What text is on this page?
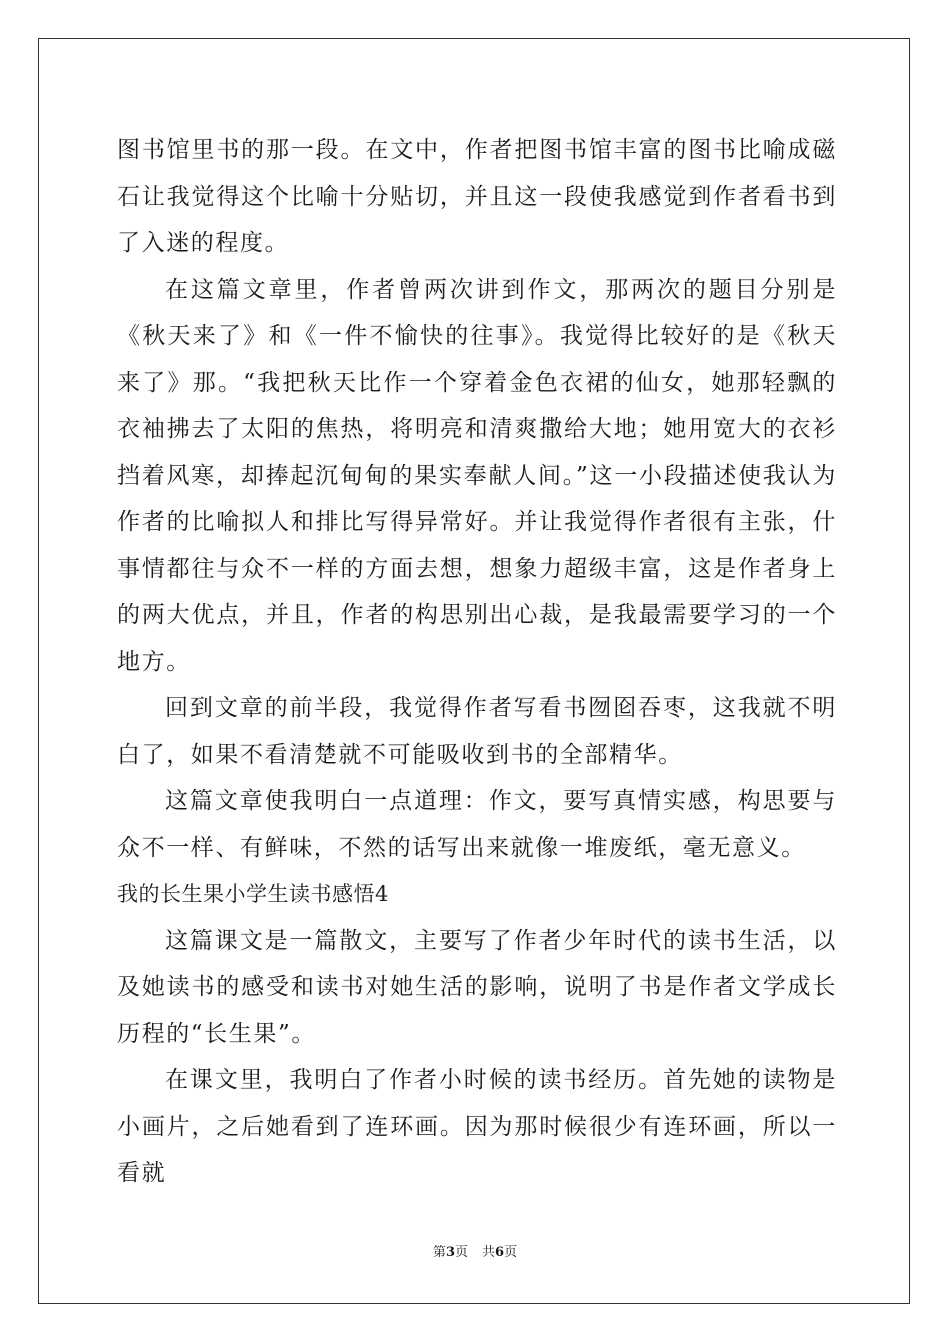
图书馆里书的那一段。在文中，作者把图书馆丰富的图书比喻成磁石让我觉得这个比喻十分贴切，并且这一段使我感觉到作者看书到了入迷的程度。

在这篇文章里，作者曾两次讲到作文，那两次的题目分别是《秋天来了》和《一件不愉快的往事》。我觉得比较好的是《秋天来了》那。“我把秋天比作一个穿着金色衣裙的仙女，她那轻飘的衣袖拂去了太阳的焦热，将明亮和清爽撒给大地；她用宽大的衣衫挡着风寒，却捧起沉甸甸的果实奉献人间。”这一小段描述使我认为作者的比喻拟人和排比写得异常好。并让我觉得作者很有主张，什事情都往与众不一样的方面去想，想象力超级丰富，这是作者身上的两大优点，并且，作者的构思别出心裁，是我最需要学习的一个地方。

回到文章的前半段，我觉得作者写看书囫囵吞枣，这我就不明白了，如果不看清楚就不可能吸收到书的全部精华。

这篇文章使我明白一点道理：作文，要写真情实感，构思要与众不一样、有鲜味，不然的话写出来就像一堆废纸，毫无意义。

我的长生果小学生读书感悟4

这篇课文是一篇散文，主要写了作者少年时代的读书生活，以及她读书的感受和读书对她生活的影响，说明了书是作者文学成长历程的“长生果”。

在课文里，我明白了作者小时候的读书经历。首先她的读物是小画片，之后她看到了连环画。因为那时候很少有连环画，所以一看就

第3页 共6页
